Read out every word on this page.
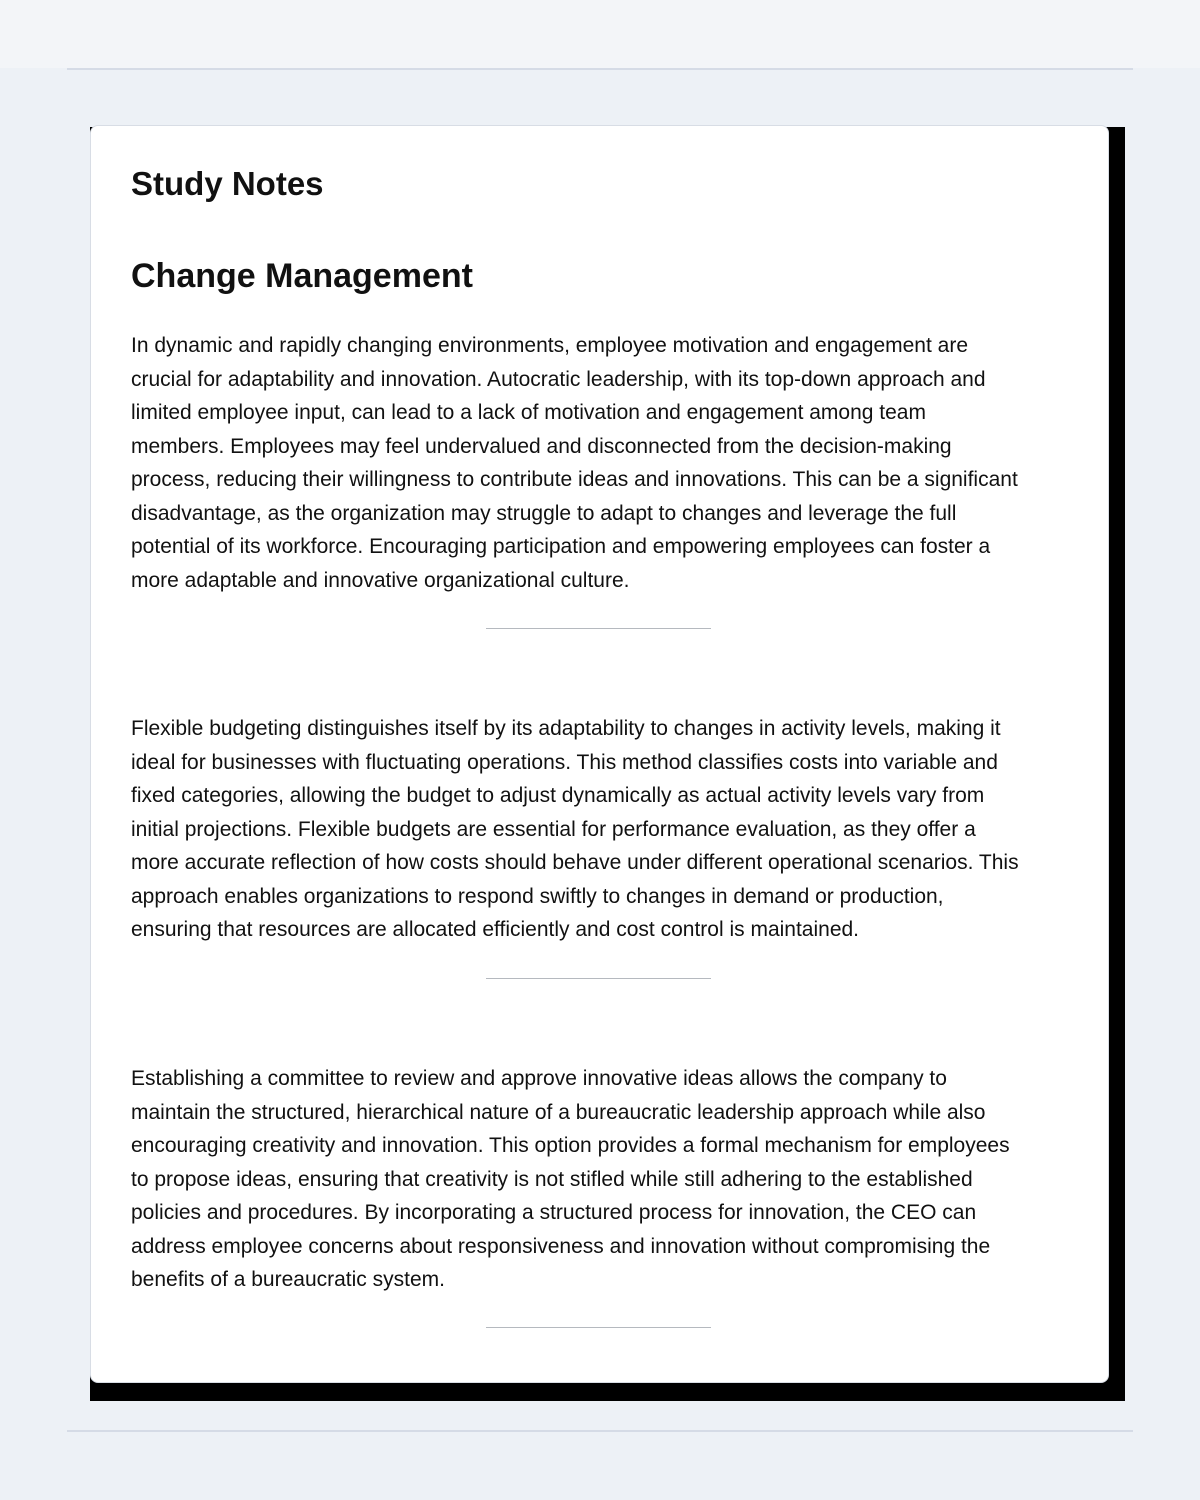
Study Notes
Change Management

In dynamic and rapidly changing environments, employee motivation and engagement are
crucial for adaptability and innovation. Autocratic leadership, with its top-down approach and
limited employee input, can lead to a lack of motivation and engagement among team
members. Employees may feel undervalued and disconnected from the decision-making
process, reducing their willingness to contribute ideas and innovations. This can be a significant
disadvantage, as the organization may struggle to adapt to changes and leverage the full
potential of its workforce. Encouraging participation and empowering employees can foster a
more adaptable and innovative organizational culture.

Flexible budgeting distinguishes itself by its adaptability to changes in activity levels, making it
ideal for businesses with fluctuating operations. This method classifies costs into variable and
fixed categories, allowing the budget to adjust dynamically as actual activity levels vary from
initial projections. Flexible budgets are essential for performance evaluation, as they offer a
more accurate reflection of how costs should behave under different operational scenarios. This
approach enables organizations to respond swiftly to changes in demand or production,
ensuring that resources are allocated efficiently and cost control is maintained.

Establishing a committee to review and approve innovative ideas allows the company to
maintain the structured, hierarchical nature of a bureaucratic leadership approach while also
encouraging creativity and innovation. This option provides a formal mechanism for employees
to propose ideas, ensuring that creativity is not stifled while still adhering to the established
policies and procedures. By incorporating a structured process for innovation, the CEO can
address employee concerns about responsiveness and innovation without compromising the
benefits of a bureaucratic system.
